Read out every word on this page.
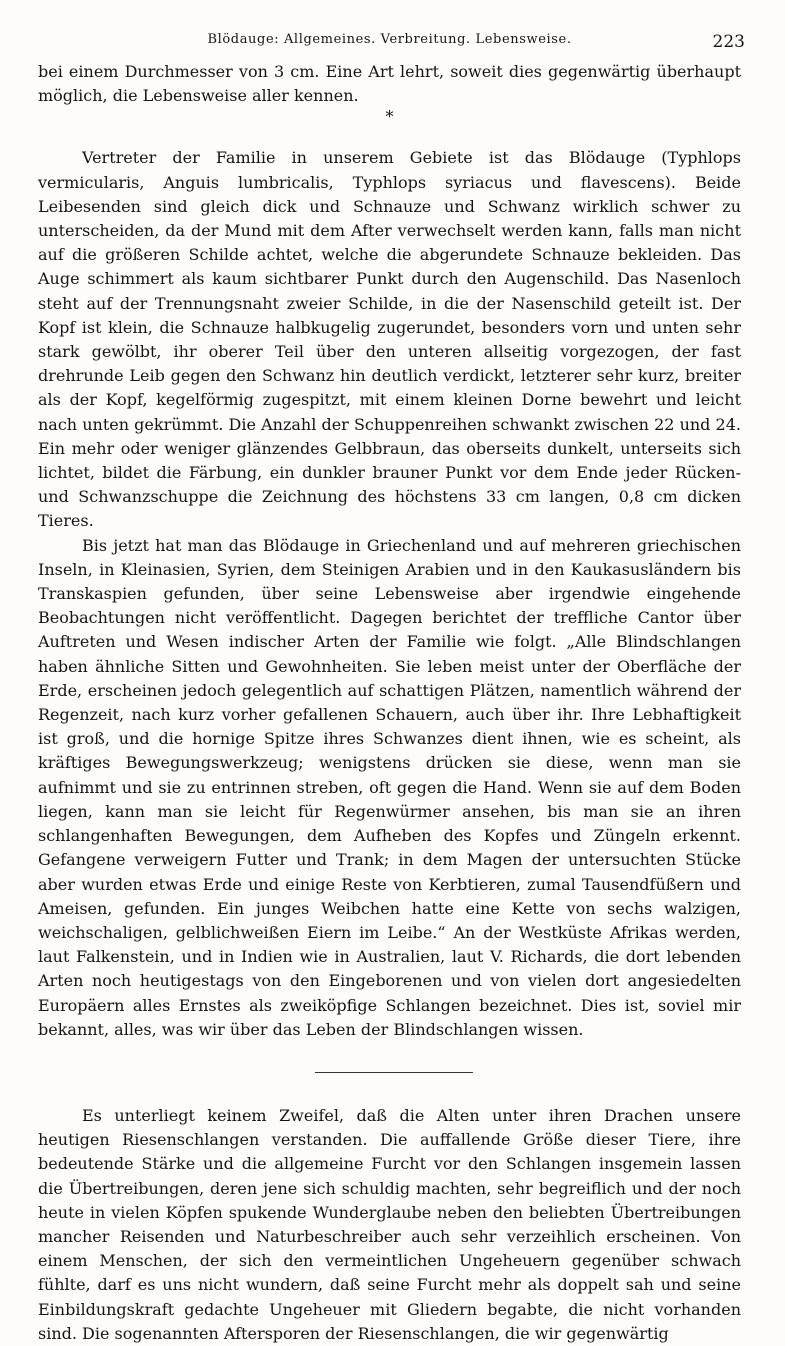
Blödauge: Allgemeines. Verbreitung. Lebensweise.	223

bei einem Durchmesser von 3 cm. Eine Art lehrt, soweit dies gegenwärtig überhaupt möglich, die Lebensweise aller kennen.

*

Vertreter der Familie in unserem Gebiete ist das Blödauge (Typhlops vermicularis, Anguis lumbricalis, Typhlops syriacus und flavescens). Beide Leibesenden sind gleich dick und Schnauze und Schwanz wirklich schwer zu unterscheiden, da der Mund mit dem After verwechselt werden kann, falls man nicht auf die größeren Schilde achtet, welche die abgerundete Schnauze bekleiden. Das Auge schimmert als kaum sichtbarer Punkt durch den Augenschild. Das Nasenloch steht auf der Trennungsnaht zweier Schilde, in die der Nasenschild geteilt ist. Der Kopf ist klein, die Schnauze halbkugelig zugerundet, besonders vorn und unten sehr stark gewölbt, ihr oberer Teil über den unteren allseitig vorgezogen, der fast drehrunde Leib gegen den Schwanz hin deutlich verdickt, letzterer sehr kurz, breiter als der Kopf, kegelförmig zugespitzt, mit einem kleinen Dorne bewehrt und leicht nach unten gekrümmt. Die Anzahl der Schuppenreihen schwankt zwischen 22 und 24. Ein mehr oder weniger glänzendes Gelbbraun, das oberseits dunkelt, unterseits sich lichtet, bildet die Färbung, ein dunkler brauner Punkt vor dem Ende jeder Rücken- und Schwanzschuppe die Zeichnung des höchstens 33 cm langen, 0,8 cm dicken Tieres.

Bis jetzt hat man das Blödauge in Griechenland und auf mehreren griechischen Inseln, in Kleinasien, Syrien, dem Steinigen Arabien und in den Kaukasusländern bis Transkaspien gefunden, über seine Lebensweise aber irgendwie eingehende Beobachtungen nicht veröffentlicht. Dagegen berichtet der treffliche Cantor über Auftreten und Wesen indischer Arten der Familie wie folgt. „Alle Blindschlangen haben ähnliche Sitten und Gewohnheiten. Sie leben meist unter der Oberfläche der Erde, erscheinen jedoch gelegentlich auf schattigen Plätzen, namentlich während der Regenzeit, nach kurz vorher gefallenen Schauern, auch über ihr. Ihre Lebhaftigkeit ist groß, und die hornige Spitze ihres Schwanzes dient ihnen, wie es scheint, als kräftiges Bewegungswerkzeug; wenigstens drücken sie diese, wenn man sie aufnimmt und sie zu entrinnen streben, oft gegen die Hand. Wenn sie auf dem Boden liegen, kann man sie leicht für Regenwürmer ansehen, bis man sie an ihren schlangenhaften Bewegungen, dem Aufheben des Kopfes und Züngeln erkennt. Gefangene verweigern Futter und Trank; in dem Magen der untersuchten Stücke aber wurden etwas Erde und einige Reste von Kerbtieren, zumal Tausendfüßern und Ameisen, gefunden. Ein junges Weibchen hatte eine Kette von sechs walzigen, weichschaligen, gelblichweißen Eiern im Leibe.“ An der Westküste Afrikas werden, laut Falkenstein, und in Indien wie in Australien, laut V. Richards, die dort lebenden Arten noch heutigestags von den Eingeborenen und von vielen dort angesiedelten Europäern alles Ernstes als zweiköpfige Schlangen bezeichnet. Dies ist, soviel mir bekannt, alles, was wir über das Leben der Blindschlangen wissen.

Es unterliegt keinem Zweifel, daß die Alten unter ihren Drachen unsere heutigen Riesenschlangen verstanden. Die auffallende Größe dieser Tiere, ihre bedeutende Stärke und die allgemeine Furcht vor den Schlangen insgemein lassen die Übertreibungen, deren jene sich schuldig machten, sehr begreiflich und der noch heute in vielen Köpfen spukende Wunderglaube neben den beliebten Übertreibungen mancher Reisenden und Naturbeschreiber auch sehr verzeihlich erscheinen. Von einem Menschen, der sich den vermeintlichen Ungeheuern gegenüber schwach fühlte, darf es uns nicht wundern, daß seine Furcht mehr als doppelt sah und seine Einbildungskraft gedachte Ungeheuer mit Gliedern begabte, die nicht vorhanden sind. Die sogenannten Aftersporen der Riesenschlangen, die wir gegenwärtig
